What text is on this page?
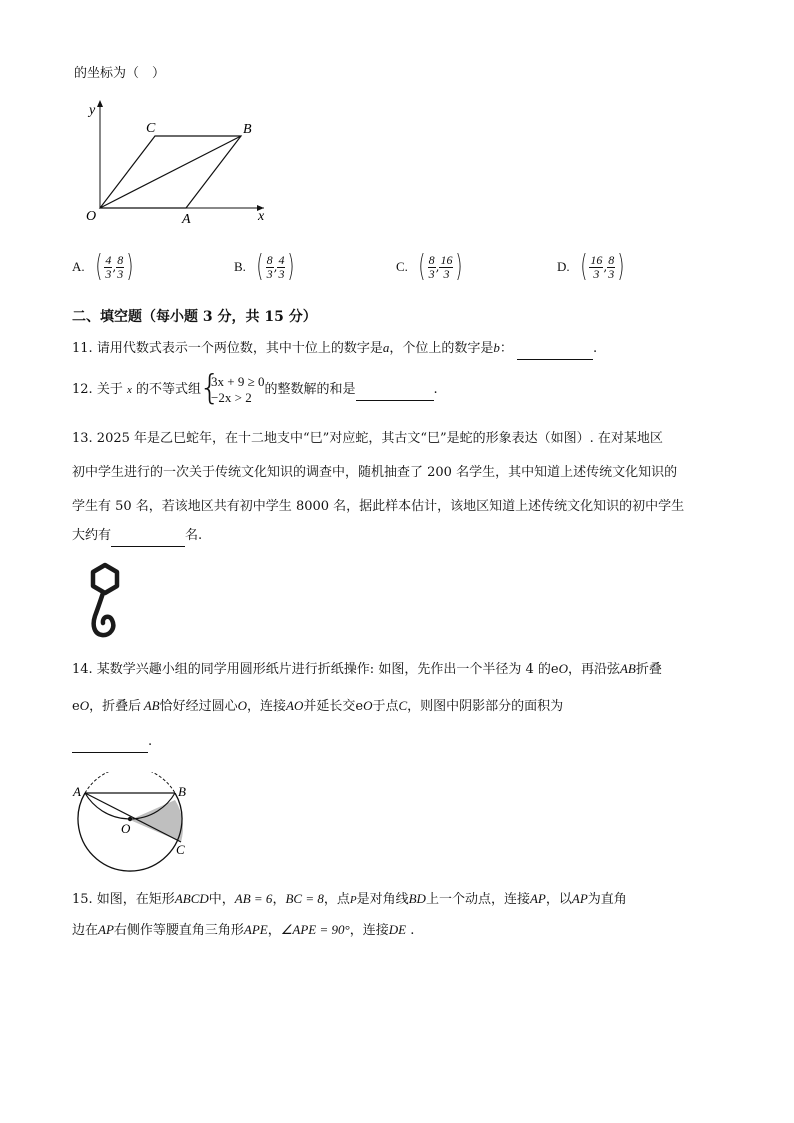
的坐标为（　）
y
x
O	A
B
C
A. ( $\frac{4}{3}$ , $\frac{8}{3}$ )	B. ( $\frac{8}{3}$ , $\frac{4}{3}$ )	C. ( $\frac{8}{3}$ , $\frac{16}{3}$ )	D. ( $\frac{16}{3}$ , $\frac{8}{3}$ )
二、填空题（每小题 3 分，共 15 分）
11. 请用代数式表示一个两位数，其中十位上的数字是a，个位上的数字是b：	.
12.
关于
x
的不等式组
{
3x + 9 ≥ 0
−2x > 2
的整数解的和是
	.
13. 2025 年是乙巳蛇年，在十二地支中“巳”对应蛇，其古文“巳”是蛇的形象表达（如图）. 在对某地区
初中学生进行的一次关于传统文化知识的调查中，随机抽查了 200 名学生，其中知道上述传统文化知识的
学生有 50 名，若该地区共有初中学生 8000 名，据此样本估计，该地区知道上述传统文化知识的初中学生
大约有	名.
14. 某数学兴趣小组的同学用圆形纸片进行折纸操作: 如图，先作出一个半径为 4 的eO，再沿弦AB折叠
eO，折叠后  AB恰好经过圆心O，连接AO并延长交eO于点C，则图中阴影部分的面积为
.
A	B
O
C
15. 如图，在矩形ABCD中，AB = 6，BC = 8，点P是对角线BD上一个动点，连接AP，以AP为直角
边在AP右侧作等腰直角三角形APE，∠APE = 90°，连接DE .
